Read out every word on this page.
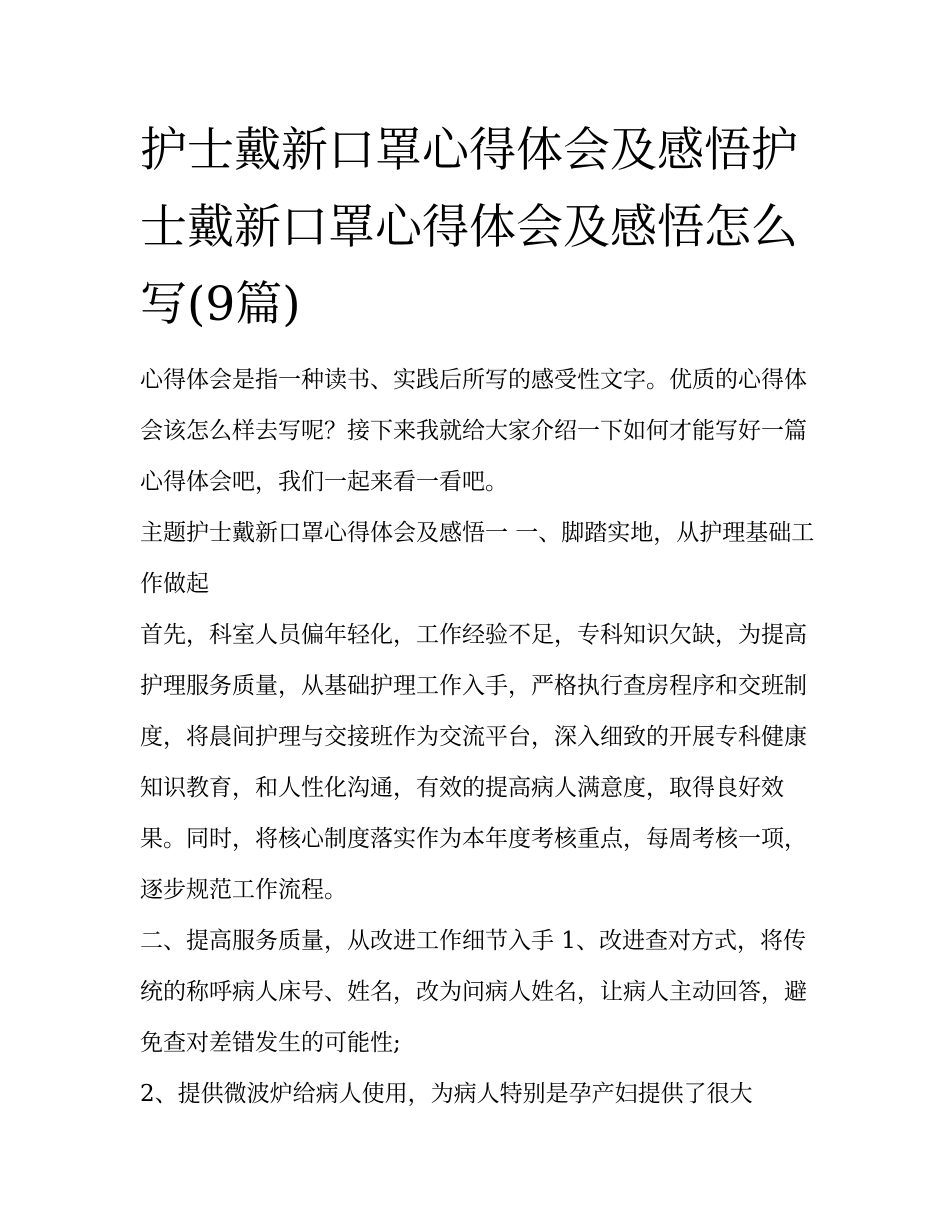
护士戴新口罩心得体会及感悟护士戴新口罩心得体会及感悟怎么写(9篇)

心得体会是指一种读书、实践后所写的感受性文字。优质的心得体会该怎么样去写呢？接下来我就给大家介绍一下如何才能写好一篇心得体会吧，我们一起来看一看吧。

主题护士戴新口罩心得体会及感悟一 一、脚踏实地，从护理基础工作做起

首先，科室人员偏年轻化，工作经验不足，专科知识欠缺，为提高护理服务质量，从基础护理工作入手，严格执行查房程序和交班制度，将晨间护理与交接班作为交流平台，深入细致的开展专科健康知识教育，和人性化沟通，有效的提高病人满意度，取得良好效果。同时，将核心制度落实作为本年度考核重点，每周考核一项，逐步规范工作流程。

二、提高服务质量，从改进工作细节入手 1、改进查对方式，将传统的称呼病人床号、姓名，改为问病人姓名，让病人主动回答，避免查对差错发生的可能性;

2、提供微波炉给病人使用，为病人特别是孕产妇提供了很大
